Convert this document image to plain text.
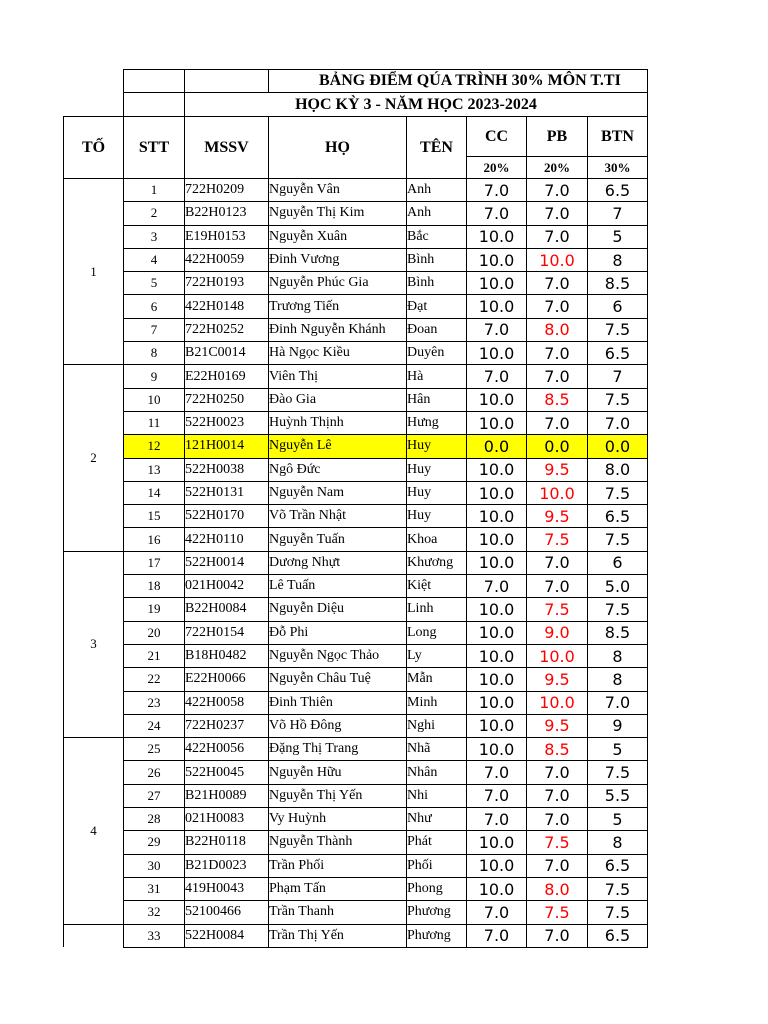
			BẢNG ĐIỂM QÚA TRÌNH 30% MÔN T.TI				
		HỌC KỲ 3 - NĂM HỌC 2023-2024					
TỐ	STT	MSSV	HỌ	TÊN	CC	PB	BTN
					20%	20%	30%
1	1	722H0209	Nguyễn Vân	Anh	7.0	7.0	6.5
	2	B22H0123	Nguyễn Thị Kim	Anh	7.0	7.0	7
	3	E19H0153	Nguyễn Xuân	Bắc	10.0	7.0	5
	4	422H0059	Đinh Vương	Bình	10.0	10.0	8
	5	722H0193	Nguyễn Phúc Gia	Bình	10.0	7.0	8.5
	6	422H0148	Trương Tiến	Đạt	10.0	7.0	6
	7	722H0252	Đinh Nguyễn Khánh	Đoan	7.0	8.0	7.5
	8	B21C0014	Hà Ngọc Kiều	Duyên	10.0	7.0	6.5
2	9	E22H0169	Viên Thị	Hà	7.0	7.0	7
	10	722H0250	Đào Gia	Hân	10.0	8.5	7.5
	11	522H0023	Huỳnh Thịnh	Hưng	10.0	7.0	7.0
	12	121H0014	Nguyễn Lê	Huy	0.0	0.0	0.0
	13	522H0038	Ngô Đức	Huy	10.0	9.5	8.0
	14	522H0131	Nguyễn Nam	Huy	10.0	10.0	7.5
	15	522H0170	Võ Trần Nhật	Huy	10.0	9.5	6.5
	16	422H0110	Nguyễn Tuấn	Khoa	10.0	7.5	7.5
3	17	522H0014	Dương Nhựt	Khương	10.0	7.0	6
	18	021H0042	Lê Tuấn	Kiệt	7.0	7.0	5.0
	19	B22H0084	Nguyễn Diệu	Linh	10.0	7.5	7.5
	20	722H0154	Đỗ Phi	Long	10.0	9.0	8.5
	21	B18H0482	Nguyễn Ngọc Thảo	Ly	10.0	10.0	8
	22	E22H0066	Nguyễn Châu Tuệ	Mẫn	10.0	9.5	8
	23	422H0058	Đinh Thiên	Minh	10.0	10.0	7.0
	24	722H0237	Võ Hồ Đông	Nghi	10.0	9.5	9
4	25	422H0056	Đặng Thị Trang	Nhã	10.0	8.5	5
	26	522H0045	Nguyễn Hữu	Nhân	7.0	7.0	7.5
	27	B21H0089	Nguyễn Thị Yến	Nhi	7.0	7.0	5.5
	28	021H0083	Vy Huỳnh	Như	7.0	7.0	5
	29	B22H0118	Nguyễn Thành	Phát	10.0	7.5	8
	30	B21D0023	Trần Phối	Phối	10.0	7.0	6.5
	31	419H0043	Phạm Tấn	Phong	10.0	8.0	7.5
	32	52100466	Trần Thanh	Phương	7.0	7.5	7.5
	33	522H0084	Trần Thị Yến	Phương	7.0	7.0	6.5
